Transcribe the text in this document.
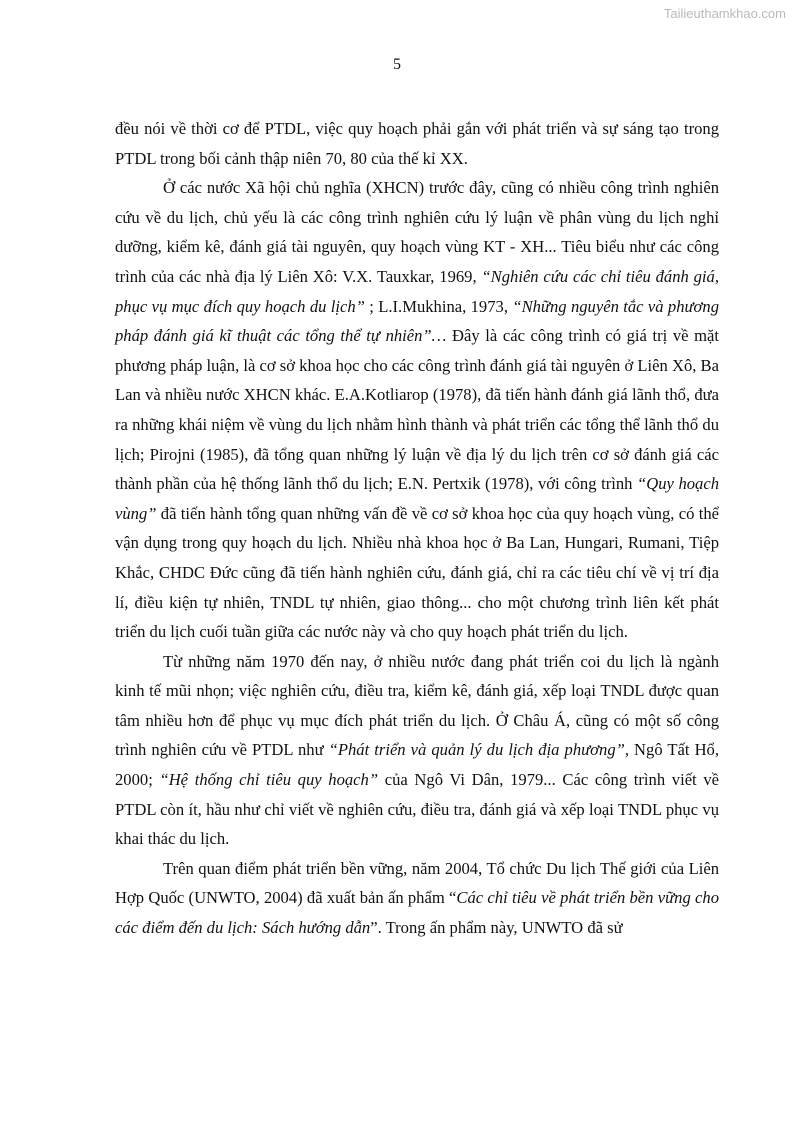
Tailieuthamkhao.com
5

đều nói về thời cơ để PTDL, việc quy hoạch phải gắn với phát triển và sự sáng tạo trong PTDL trong bối cảnh thập niên 70, 80 của thế kỉ XX.

Ở các nước Xã hội chủ nghĩa (XHCN) trước đây, cũng có nhiều công trình nghiên cứu về du lịch, chủ yếu là các công trình nghiên cứu lý luận về phân vùng du lịch nghỉ dưỡng, kiểm kê, đánh giá tài nguyên, quy hoạch vùng KT - XH... Tiêu biểu như các công trình của các nhà địa lý Liên Xô: V.X. Tauxkar, 1969, “Nghiên cứu các chỉ tiêu đánh giá, phục vụ mục đích quy hoạch du lịch” ; L.I.Mukhina, 1973, “Những nguyên tắc và phương pháp đánh giá kĩ thuật các tổng thể tự nhiên”… Đây là các công trình có giá trị về mặt phương pháp luận, là cơ sở khoa học cho các công trình đánh giá tài nguyên ở Liên Xô, Ba Lan và nhiều nước XHCN khác. E.A.Kotliarop (1978), đã tiến hành đánh giá lãnh thổ, đưa ra những khái niệm về vùng du lịch nhằm hình thành và phát triển các tổng thể lãnh thổ du lịch; Pirojni (1985), đã tổng quan những lý luận về địa lý du lịch trên cơ sở đánh giá các thành phần của hệ thống lãnh thổ du lịch; E.N. Pertxik (1978), với công trình “Quy hoạch vùng” đã tiến hành tổng quan những vấn đề về cơ sở khoa học của quy hoạch vùng, có thể vận dụng trong quy hoạch du lịch. Nhiều nhà khoa học ở Ba Lan, Hungari, Rumani, Tiệp Khắc, CHDC Đức cũng đã tiến hành nghiên cứu, đánh giá, chỉ ra các tiêu chí về vị trí địa lí, điều kiện tự nhiên, TNDL tự nhiên, giao thông... cho một chương trình liên kết phát triển du lịch cuối tuần giữa các nước này và cho quy hoạch phát triển du lịch.

Từ những năm 1970 đến nay, ở nhiều nước đang phát triển coi du lịch là ngành kinh tế mũi nhọn; việc nghiên cứu, điều tra, kiểm kê, đánh giá, xếp loại TNDL được quan tâm nhiều hơn để phục vụ mục đích phát triển du lịch. Ở Châu Á, cũng có một số công trình nghiên cứu về PTDL như “Phát triển và quản lý du lịch địa phương”, Ngô Tất Hổ, 2000; “Hệ thống chỉ tiêu quy hoạch” của Ngô Vi Dân, 1979... Các công trình viết về PTDL còn ít, hầu như chỉ viết về nghiên cứu, điều tra, đánh giá và xếp loại TNDL phục vụ khai thác du lịch.

Trên quan điểm phát triển bền vững, năm 2004, Tổ chức Du lịch Thế giới của Liên Hợp Quốc (UNWTO, 2004) đã xuất bản ấn phẩm “Các chỉ tiêu về phát triển bền vững cho các điểm đến du lịch: Sách hướng dẫn”. Trong ấn phẩm này, UNWTO đã sử
